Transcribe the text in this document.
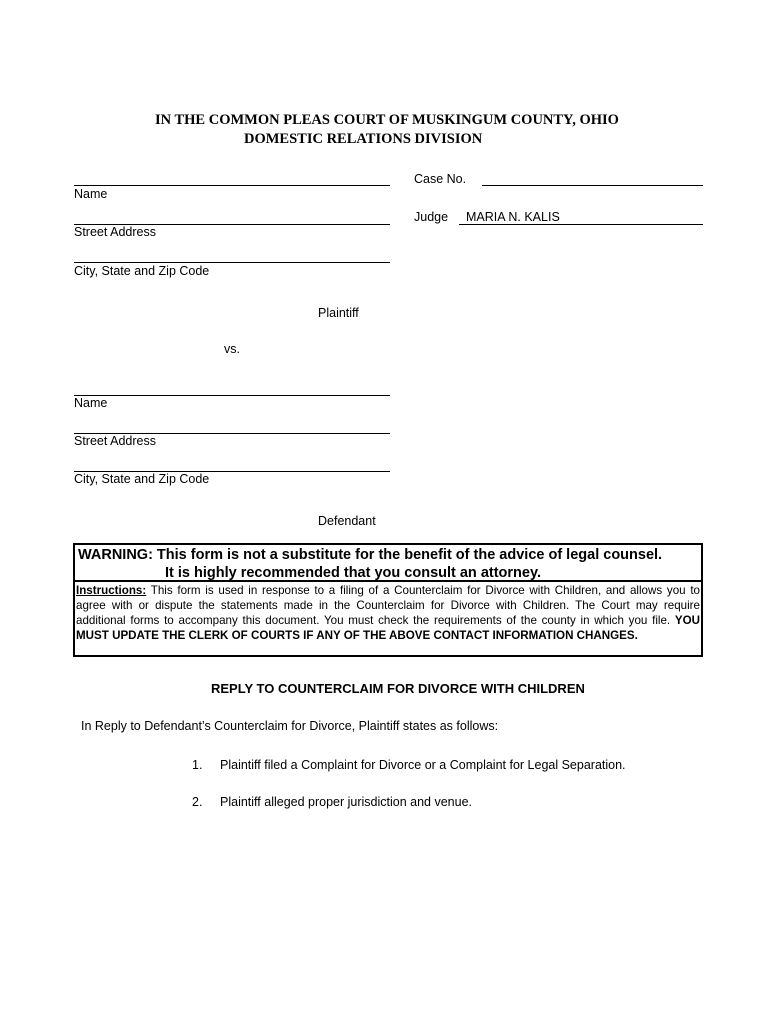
IN THE COMMON PLEAS COURT OF MUSKINGUM COUNTY, OHIO
DOMESTIC RELATIONS DIVISION
Name
Street Address
City, State and Zip Code
Plaintiff
Case No.
Judge MARIA N. KALIS
vs.
Name
Street Address
City, State and Zip Code
Defendant
WARNING: This form is not a substitute for the benefit of the advice of legal counsel.
It is highly recommended that you consult an attorney.
Instructions: This form is used in response to a filing of a Counterclaim for Divorce with Children, and allows you to agree with or dispute the statements made in the Counterclaim for Divorce with Children. The Court may require additional forms to accompany this document. You must check the requirements of the county in which you file. YOU MUST UPDATE THE CLERK OF COURTS IF ANY OF THE ABOVE CONTACT INFORMATION CHANGES.
REPLY TO COUNTERCLAIM FOR DIVORCE WITH CHILDREN
In Reply to Defendant’s Counterclaim for Divorce, Plaintiff states as follows:
1. Plaintiff filed a Complaint for Divorce or a Complaint for Legal Separation.
2. Plaintiff alleged proper jurisdiction and venue.
